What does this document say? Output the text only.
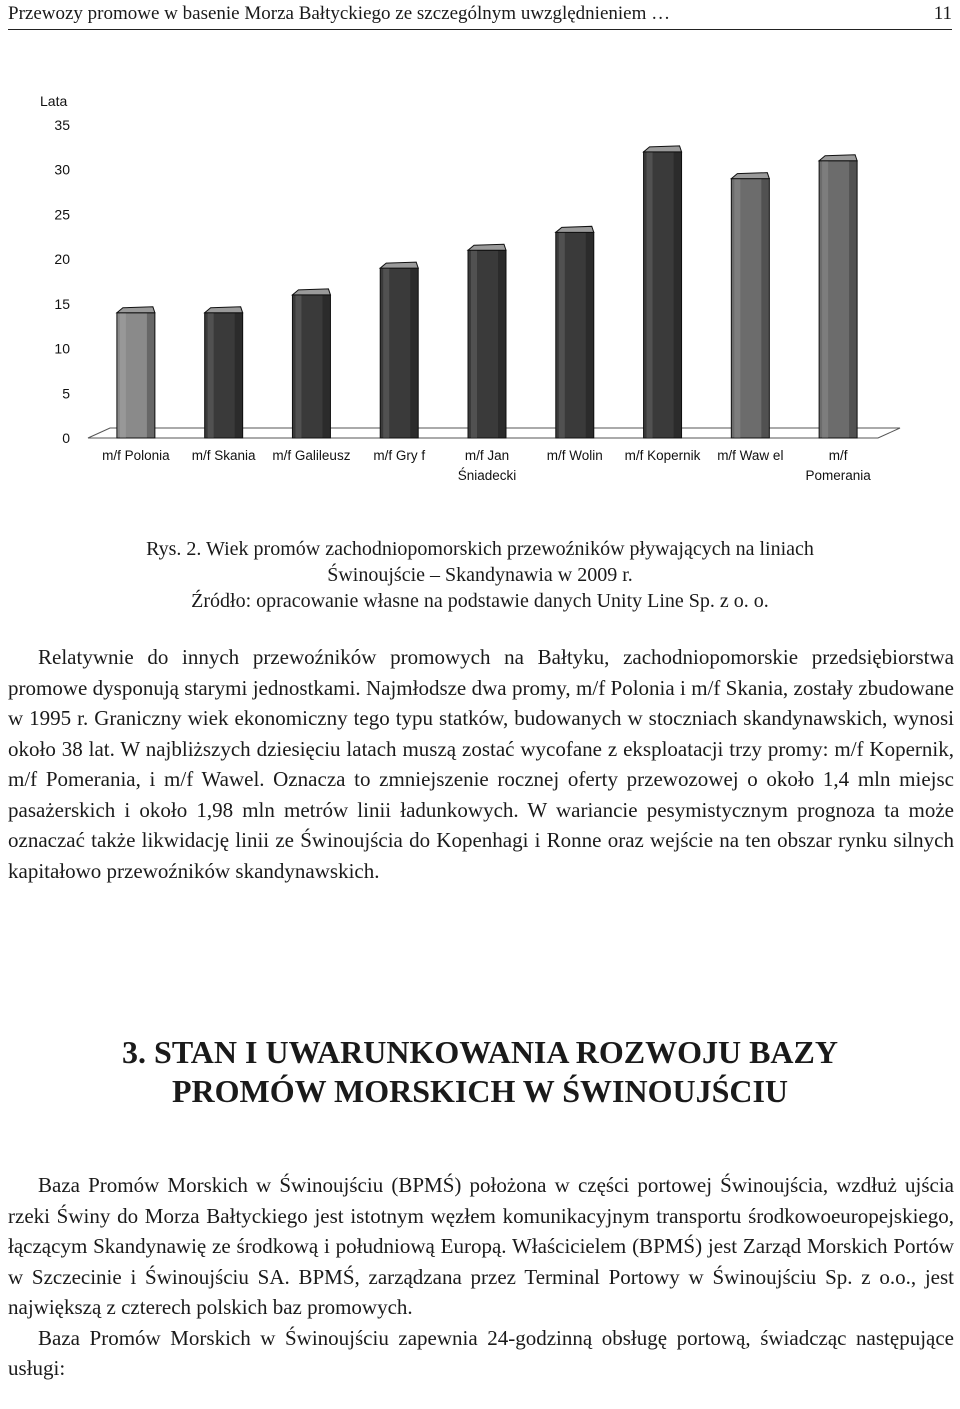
Przewozy promowe w basenie Morza Bałtyckiego ze szczególnym uwzględnieniem …	11
Lata
0
5
10
15
20
25
30
35
m/f Polonia m/f Skania m/f Galileusz m/f Gry f	m/f Jan
Śniadecki
m/f Wolin m/f Kopernik m/f Waw el	m/f
Pomerania
Rys. 2. Wiek promów zachodniopomorskich przewoźników pływających na liniach
Świnoujście – Skandynawia w 2009 r.
Źródło: opracowanie własne na podstawie danych Unity Line Sp. z o. o.

Relatywnie do innych przewoźników promowych na Bałtyku, zachodniopomorskie przedsiębiorstwa promowe dysponują starymi jednostkami. Najmłodsze dwa promy, m/f Polonia i m/f Skania, zostały zbudowane w 1995 r. Graniczny wiek ekonomiczny tego typu statków, budowanych w stoczniach skandynawskich, wynosi około 38 lat. W najbliższych dziesięciu latach muszą zostać wycofane z eksploatacji trzy promy: m/f Kopernik, m/f Pomerania, i m/f Wawel. Oznacza to zmniejszenie rocznej oferty przewozowej o około 1,4 mln miejsc pasażerskich i około 1,98 mln metrów linii ładunkowych. W wariancie pesymistycznym prognoza ta może oznaczać także likwidację linii ze Świnoujścia do Kopenhagi i Ronne oraz wejście na ten obszar rynku silnych kapitałowo przewoźników skandynawskich.

3. STAN I UWARUNKOWANIA ROZWOJU BAZY
PROMÓW MORSKICH W ŚWINOUJŚCIU

Baza Promów Morskich w Świnoujściu (BPMŚ) położona w części portowej Świnoujścia, wzdłuż ujścia rzeki Świny do Morza Bałtyckiego jest istotnym węzłem komunikacyjnym transportu środkowoeuropejskiego, łączącym Skandynawię ze środkową i południową Europą. Właścicielem (BPMŚ) jest Zarząd Morskich Portów w Szczecinie i Świnoujściu SA. BPMŚ, zarządzana przez Terminal Portowy w Świnoujściu Sp. z o.o., jest największą z czterech polskich baz promowych.

Baza Promów Morskich w Świnoujściu zapewnia 24-godzinną obsługę portową, świadcząc następujące usługi:
